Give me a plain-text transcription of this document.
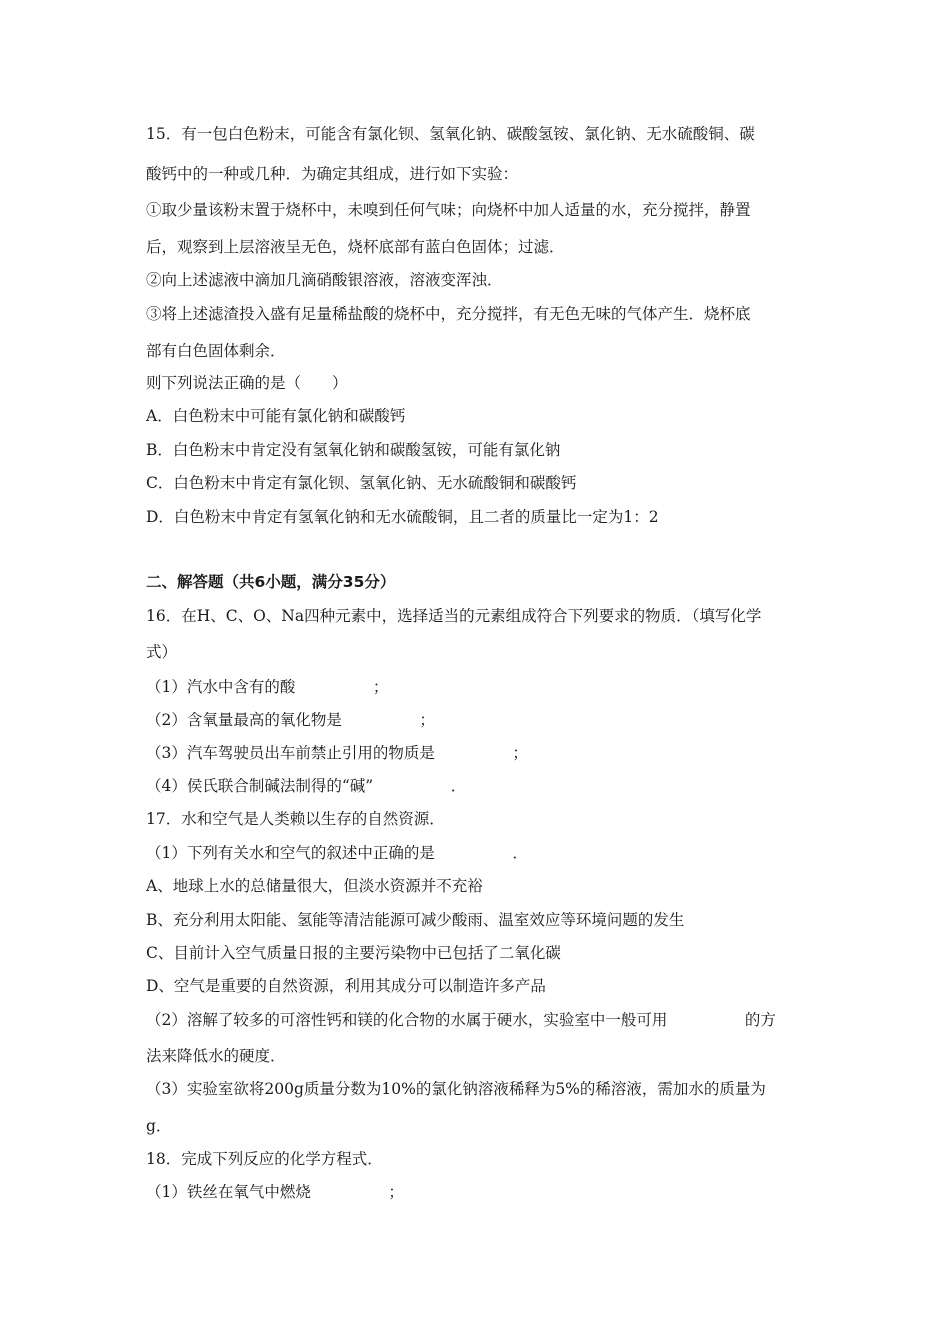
15．有一包白色粉末，可能含有氯化钡、氢氧化钠、碳酸氢铵、氯化钠、无水硫酸铜、碳
酸钙中的一种或几种．为确定其组成，进行如下实验：
①取少量该粉末置于烧杯中，未嗅到任何气味；向烧杯中加人适量的水，充分搅拌，静置
后，观察到上层溶液呈无色，烧杯底部有蓝白色固体；过滤．
②向上述滤液中滴加几滴硝酸银溶液，溶液变浑浊．
③将上述滤渣投入盛有足量稀盐酸的烧杯中，充分搅拌，有无色无味的气体产生．烧杯底
部有白色固体剩余．
则下列说法正确的是（　　）
A．白色粉末中可能有氯化钠和碳酸钙
B．白色粉末中肯定没有氢氧化钠和碳酸氢铵，可能有氯化钠
C．白色粉末中肯定有氯化钡、氢氧化钠、无水硫酸铜和碳酸钙
D．白色粉末中肯定有氢氧化钠和无水硫酸铜，且二者的质量比一定为1：2
二、解答题（共6小题，满分35分）
16．在H、C、O、Na四种元素中，选择适当的元素组成符合下列要求的物质．（填写化学
式）
（1）汽水中含有的酸　　　　　；
（2）含氧量最高的氧化物是　　　　　；
（3）汽车驾驶员出车前禁止引用的物质是　　　　　；
（4）侯氏联合制碱法制得的“碱”　　　　　．
17．水和空气是人类赖以生存的自然资源．
（1）下列有关水和空气的叙述中正确的是　　　　　．
A、地球上水的总储量很大，但淡水资源并不充裕
B、充分利用太阳能、氢能等清洁能源可减少酸雨、温室效应等环境问题的发生
C、目前计入空气质量日报的主要污染物中已包括了二氧化碳
D、空气是重要的自然资源，利用其成分可以制造许多产品
（2）溶解了较多的可溶性钙和镁的化合物的水属于硬水，实验室中一般可用　　　　　的方
法来降低水的硬度．
（3）实验室欲将200g质量分数为10%的氯化钠溶液稀释为5%的稀溶液，需加水的质量为
g．
18．完成下列反应的化学方程式．
（1）铁丝在氧气中燃烧　　　　　；
